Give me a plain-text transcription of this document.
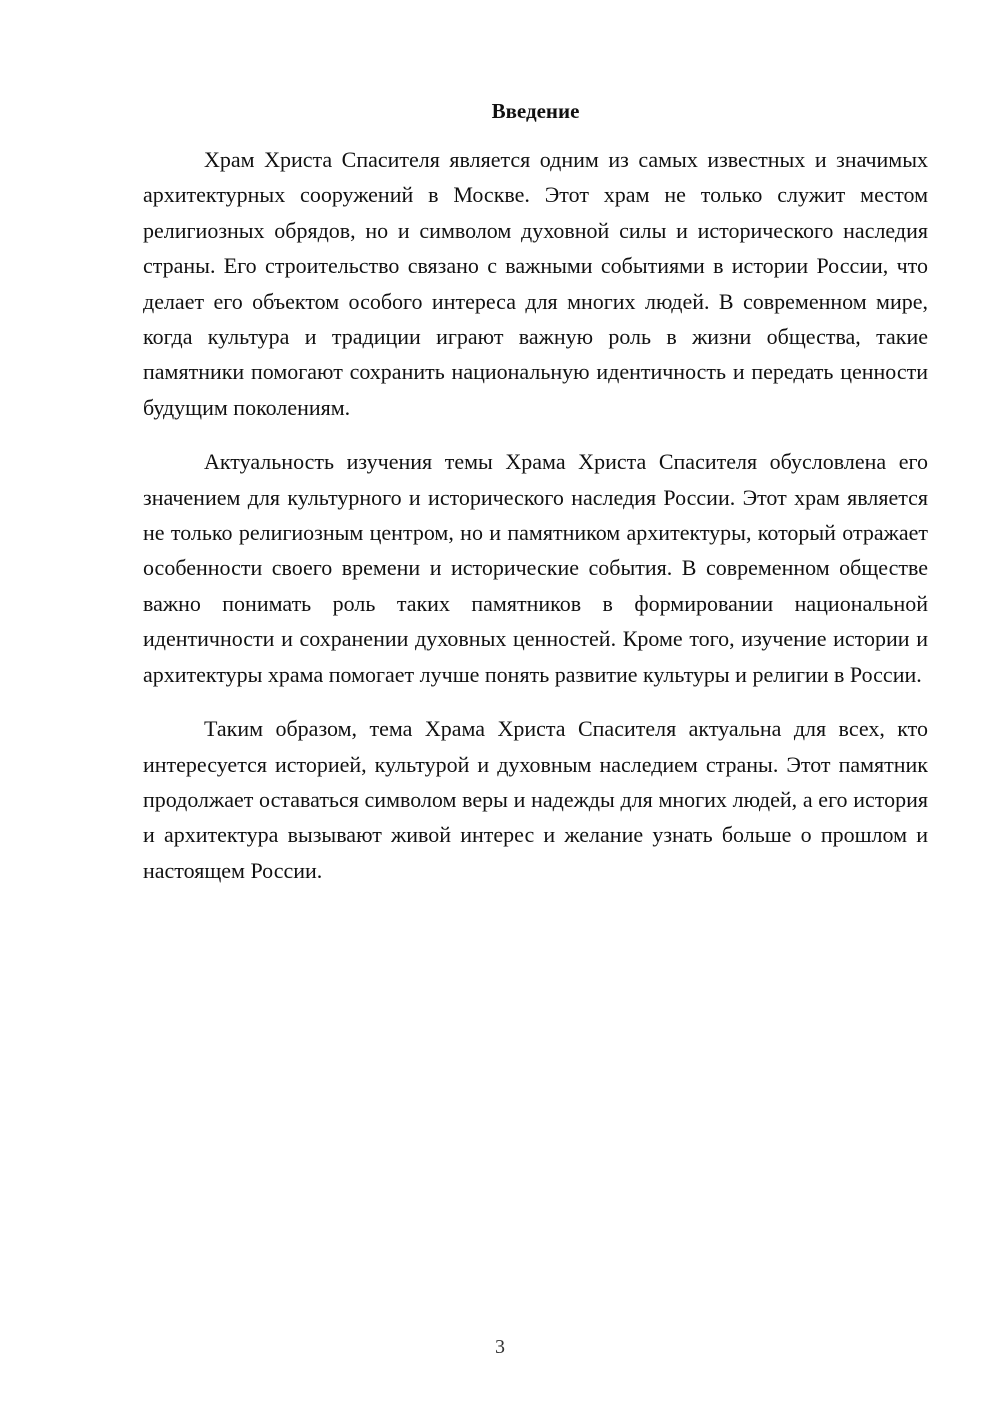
Введение

Храм Христа Спасителя является одним из самых известных и значимых архитектурных сооружений в Москве. Этот храм не только служит местом религиозных обрядов, но и символом духовной силы и исторического наследия страны. Его строительство связано с важными событиями в истории России, что делает его объектом особого интереса для многих людей. В современном мире, когда культура и традиции играют важную роль в жизни общества, такие памятники помогают сохранить национальную идентичность и передать ценности будущим поколениям.

Актуальность изучения темы Храма Христа Спасителя обусловлена его значением для культурного и исторического наследия России. Этот храм является не только религиозным центром, но и памятником архитектуры, который отражает особенности своего времени и исторические события. В современном обществе важно понимать роль таких памятников в формировании национальной идентичности и сохранении духовных ценностей. Кроме того, изучение истории и архитектуры храма помогает лучше понять развитие культуры и религии в России.

Таким образом, тема Храма Христа Спасителя актуальна для всех, кто интересуется историей, культурой и духовным наследием страны. Этот памятник продолжает оставаться символом веры и надежды для многих людей, а его история и архитектура вызывают живой интерес и желание узнать больше о прошлом и настоящем России.

3
